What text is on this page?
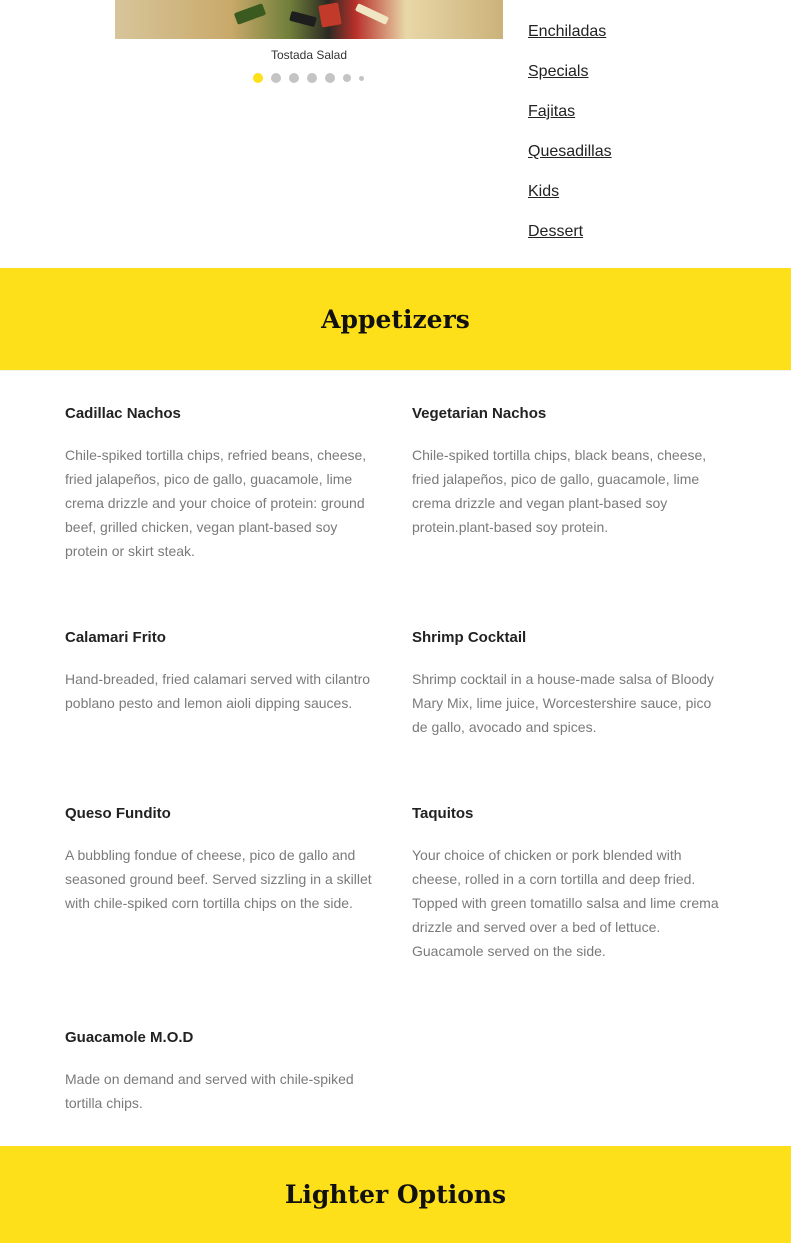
Tostada Salad
Enchiladas
Specials
Fajitas
Quesadillas
Kids
Dessert
Appetizers
Cadillac Nachos

Chile-spiked tortilla chips, refried beans, cheese, fried jalapeños, pico de gallo, guacamole, lime crema drizzle and your choice of protein: ground beef, grilled chicken, vegan plant-based soy protein or skirt steak.

Vegetarian Nachos

Chile-spiked tortilla chips, black beans, cheese, fried jalapeños, pico de gallo, guacamole, lime crema drizzle and vegan plant-based soy protein.plant-based soy protein.

Calamari Frito

Hand-breaded, fried calamari served with cilantro poblano pesto and lemon aioli dipping sauces.

Shrimp Cocktail

Shrimp cocktail in a house-made salsa of Bloody Mary Mix, lime juice, Worcestershire sauce, pico de gallo, avocado and spices.

Queso Fundito

A bubbling fondue of cheese, pico de gallo and seasoned ground beef. Served sizzling in a skillet with chile-spiked corn tortilla chips on the side.

Taquitos

Your choice of chicken or pork blended with cheese, rolled in a corn tortilla and deep fried. Topped with green tomatillo salsa and lime crema drizzle and served over a bed of lettuce. Guacamole served on the side.

Guacamole M.O.D

Made on demand and served with chile-spiked tortilla chips.

Lighter Options
